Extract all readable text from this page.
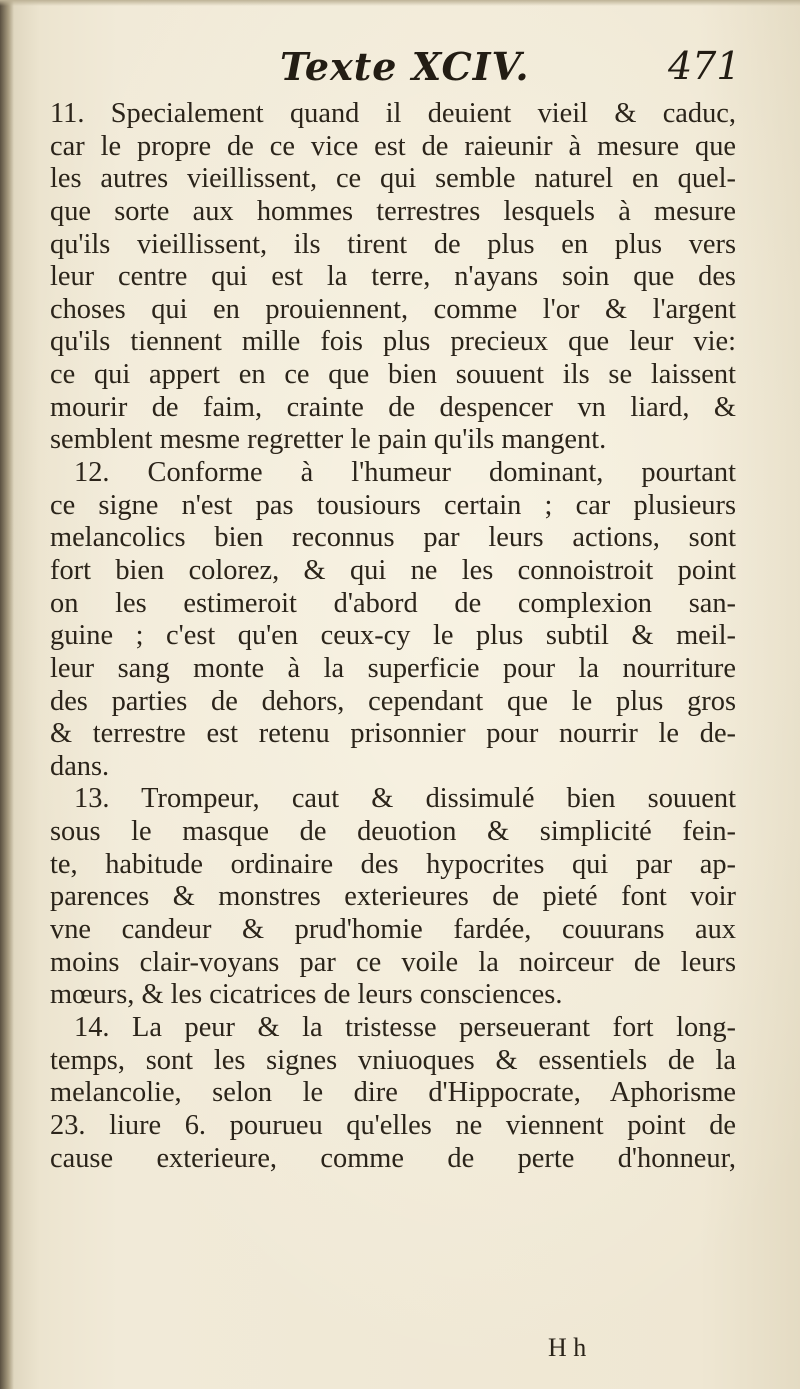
Texte XCIV.	471
11. Specialement quand il deuient vieil & caduc,
car le propre de ce vice est de raieunir à mesure que
les autres vieillissent, ce qui semble naturel en quel-
que sorte aux hommes terrestres lesquels à mesure
qu'ils vieillissent, ils tirent de plus en plus vers
leur centre qui est la terre, n'ayans soin que des
choses qui en prouiennent, comme l'or & l'argent
qu'ils tiennent mille fois plus precieux que leur vie:
ce qui appert en ce que bien souuent ils se laissent
mourir de faim, crainte de despencer vn liard, &
semblent mesme regretter le pain qu'ils mangent.
12. Conforme à l'humeur dominant, pourtant
ce signe n'est pas tousiours certain ; car plusieurs
melancolics bien reconnus par leurs actions, sont
fort bien colorez, & qui ne les connoistroit point
on les estimeroit d'abord de complexion san-
guine ; c'est qu'en ceux-cy le plus subtil & meil-
leur sang monte à la superficie pour la nourriture
des parties de dehors, cependant que le plus gros
& terrestre est retenu prisonnier pour nourrir le de-
dans.
13. Trompeur, caut & dissimulé bien souuent
sous le masque de deuotion & simplicité fein-
te, habitude ordinaire des hypocrites qui par ap-
parences & monstres exterieures de pieté font voir
vne candeur & prud'homie fardée, couurans aux
moins clair-voyans par ce voile la noirceur de leurs
mœurs, & les cicatrices de leurs consciences.
14. La peur & la tristesse perseuerant fort long-
temps, sont les signes vniuoques & essentiels de la
melancolie, selon le dire d'Hippocrate, Aphorisme
23. liure 6. pourueu qu'elles ne viennent point de
cause exterieure, comme de perte d'honneur,
H h
